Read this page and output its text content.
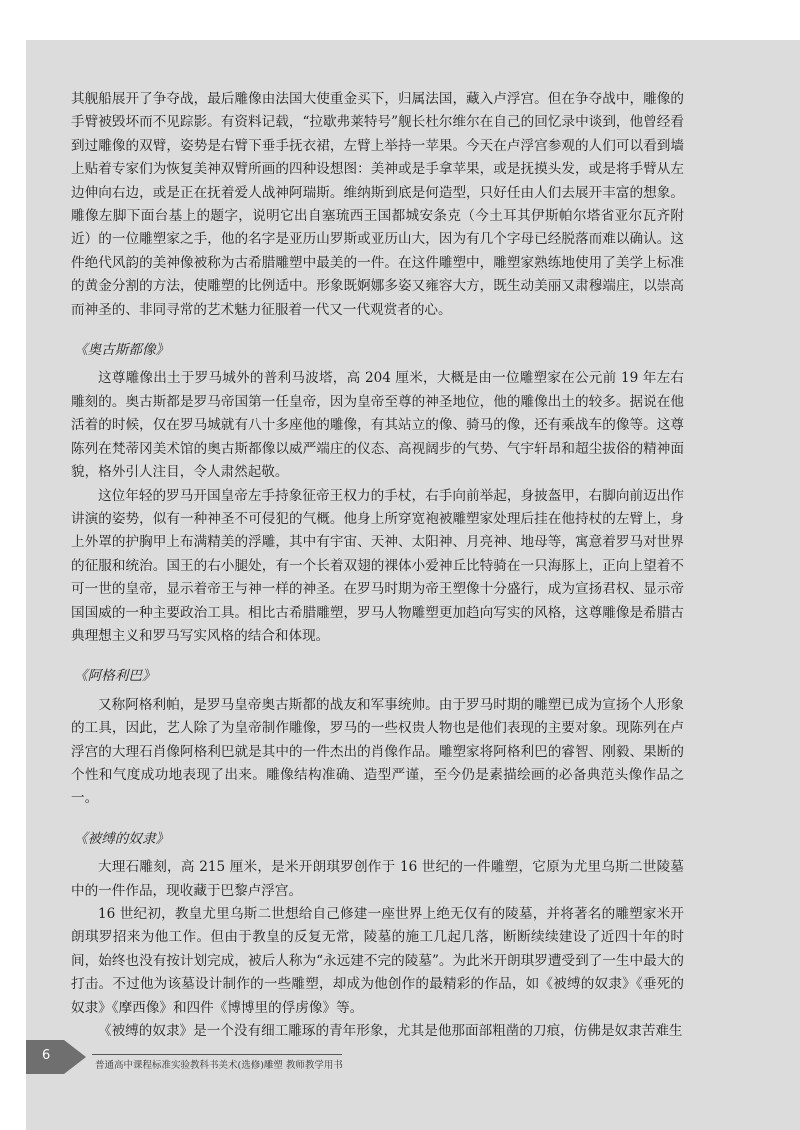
其舰船展开了争夺战，最后雕像由法国大使重金买下，归属法国，藏入卢浮宫。但在争夺战中，雕像的手臂被毁坏而不见踪影。有资料记载，“拉歇弗莱特号”舰长杜尔维尔在自己的回忆录中谈到，他曾经看到过雕像的双臂，姿势是右臂下垂手抚衣裙，左臂上举持一苹果。今天在卢浮宫参观的人们可以看到墙上贴着专家们为恢复美神双臂所画的四种设想图：美神或是手拿苹果，或是抚摸头发，或是将手臂从左边伸向右边，或是正在抚着爱人战神阿瑞斯。维纳斯到底是何造型，只好任由人们去展开丰富的想象。雕像左脚下面台基上的题字，说明它出自塞琉西王国都城安条克（今土耳其伊斯帕尔塔省亚尔瓦齐附近）的一位雕塑家之手，他的名字是亚历山罗斯或亚历山大，因为有几个字母已经脱落而难以确认。这件绝代风韵的美神像被称为古希腊雕塑中最美的一件。在这件雕塑中，雕塑家熟练地使用了美学上标准的黄金分割的方法，使雕塑的比例适中。形象既婀娜多姿又雍容大方，既生动美丽又肃穆端庄，以崇高而神圣的、非同寻常的艺术魅力征服着一代又一代观赏者的心。

《奥古斯都像》

这尊雕像出土于罗马城外的普利马波塔，高 204 厘米，大概是由一位雕塑家在公元前 19 年左右雕刻的。奥古斯都是罗马帝国第一任皇帝，因为皇帝至尊的神圣地位，他的雕像出土的较多。据说在他活着的时候，仅在罗马城就有八十多座他的雕像，有其站立的像、骑马的像，还有乘战车的像等。这尊陈列在梵蒂冈美术馆的奥古斯都像以威严端庄的仪态、高视阔步的气势、气宇轩昂和超尘拔俗的精神面貌，格外引人注目，令人肃然起敬。

这位年轻的罗马开国皇帝左手持象征帝王权力的手杖，右手向前举起，身披盔甲，右脚向前迈出作讲演的姿势，似有一种神圣不可侵犯的气概。他身上所穿宽袍被雕塑家处理后挂在他持杖的左臂上，身上外罩的护胸甲上布满精美的浮雕，其中有宇宙、天神、太阳神、月亮神、地母等，寓意着罗马对世界的征服和统治。国王的右小腿处，有一个长着双翅的裸体小爱神丘比特骑在一只海豚上，正向上望着不可一世的皇帝，显示着帝王与神一样的神圣。在罗马时期为帝王塑像十分盛行，成为宣扬君权、显示帝国国威的一种主要政治工具。相比古希腊雕塑，罗马人物雕塑更加趋向写实的风格，这尊雕像是希腊古典理想主义和罗马写实风格的结合和体现。

《阿格利巴》

又称阿格利帕，是罗马皇帝奥古斯都的战友和军事统帅。由于罗马时期的雕塑已成为宣扬个人形象的工具，因此，艺人除了为皇帝制作雕像，罗马的一些权贵人物也是他们表现的主要对象。现陈列在卢浮宫的大理石肖像阿格利巴就是其中的一件杰出的肖像作品。雕塑家将阿格利巴的睿智、刚毅、果断的个性和气度成功地表现了出来。雕像结构准确、造型严谨，至今仍是素描绘画的必备典范头像作品之一。

《被缚的奴隶》

大理石雕刻，高 215 厘米，是米开朗琪罗创作于 16 世纪的一件雕塑，它原为尤里乌斯二世陵墓中的一件作品，现收藏于巴黎卢浮宫。

16 世纪初，教皇尤里乌斯二世想给自己修建一座世界上绝无仅有的陵墓，并将著名的雕塑家米开朗琪罗招来为他工作。但由于教皇的反复无常，陵墓的施工几起几落，断断续续建设了近四十年的时间，始终也没有按计划完成，被后人称为“永远建不完的陵墓”。为此米开朗琪罗遭受到了一生中最大的打击。不过他为该墓设计制作的一些雕塑，却成为他创作的最精彩的作品，如《被缚的奴隶》《垂死的奴隶》《摩西像》和四件《博博里的俘虏像》等。

《被缚的奴隶》是一个没有细工雕琢的青年形象，尤其是他那面部粗凿的刀痕，仿佛是奴隶苦难生

6
普通高中课程标准实验教科书美术(选修)雕塑 教师教学用书
